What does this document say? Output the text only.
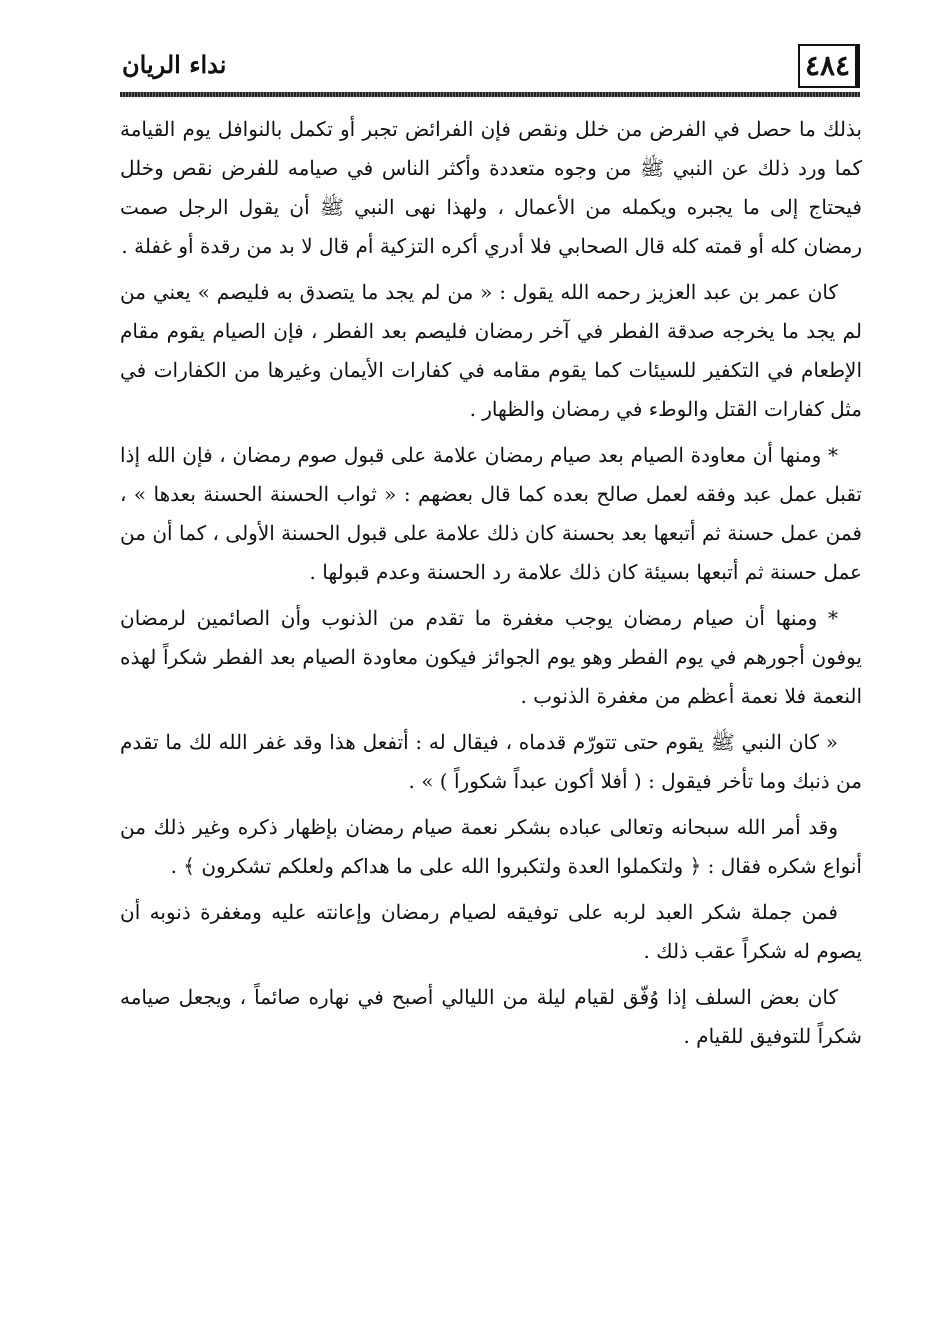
٤٨٤
نداء الريان

بذلك ما حصل في الفرض من خلل ونقص فإن الفرائض تجبر أو تكمل بالنوافل يوم القيامة كما ورد ذلك عن النبي ﷺ من وجوه متعددة وأكثر الناس في صيامه للفرض نقص وخلل فيحتاج إلى ما يجبره ويكمله من الأعمال ، ولهذا نهى النبي ﷺ أن يقول الرجل صمت رمضان كله أو قمته كله قال الصحابي فلا أدري أكره التزكية أم قال لا بد من رقدة أو غفلة .

كان عمر بن عبد العزيز رحمه الله يقول : « من لم يجد ما يتصدق به فليصم » يعني من لم يجد ما يخرجه صدقة الفطر في آخر رمضان فليصم بعد الفطر ، فإن الصيام يقوم مقام الإطعام في التكفير للسيئات كما يقوم مقامه في كفارات الأيمان وغيرها من الكفارات في مثل كفارات القتل والوطء في رمضان والظهار .

* ومنها أن معاودة الصيام بعد صيام رمضان علامة على قبول صوم رمضان ، فإن الله إذا تقبل عمل عبد وفقه لعمل صالح بعده كما قال بعضهم : « ثواب الحسنة الحسنة بعدها » ، فمن عمل حسنة ثم أتبعها بعد بحسنة كان ذلك علامة على قبول الحسنة الأولى ، كما أن من عمل حسنة ثم أتبعها بسيئة كان ذلك علامة رد الحسنة وعدم قبولها .

* ومنها أن صيام رمضان يوجب مغفرة ما تقدم من الذنوب وأن الصائمين لرمضان يوفون أجورهم في يوم الفطر وهو يوم الجوائز فيكون معاودة الصيام بعد الفطر شكراً لهذه النعمة فلا نعمة أعظم من مغفرة الذنوب .

« كان النبي ﷺ يقوم حتى تتورّم قدماه ، فيقال له : أتفعل هذا وقد غفر الله لك ما تقدم من ذنبك وما تأخر فيقول : ( أفلا أكون عبداً شكوراً ) » .

وقد أمر الله سبحانه وتعالى عباده بشكر نعمة صيام رمضان بإظهار ذكره وغير ذلك من أنواع شكره فقال : ﴿ ولتكملوا العدة ولتكبروا الله على ما هداكم ولعلكم تشكرون ﴾ .

فمن جملة شكر العبد لربه على توفيقه لصيام رمضان وإعانته عليه ومغفرة ذنوبه أن يصوم له شكراً عقب ذلك .

كان بعض السلف إذا وُفّق لقيام ليلة من الليالي أصبح في نهاره صائماً ، ويجعل صيامه شكراً للتوفيق للقيام .
